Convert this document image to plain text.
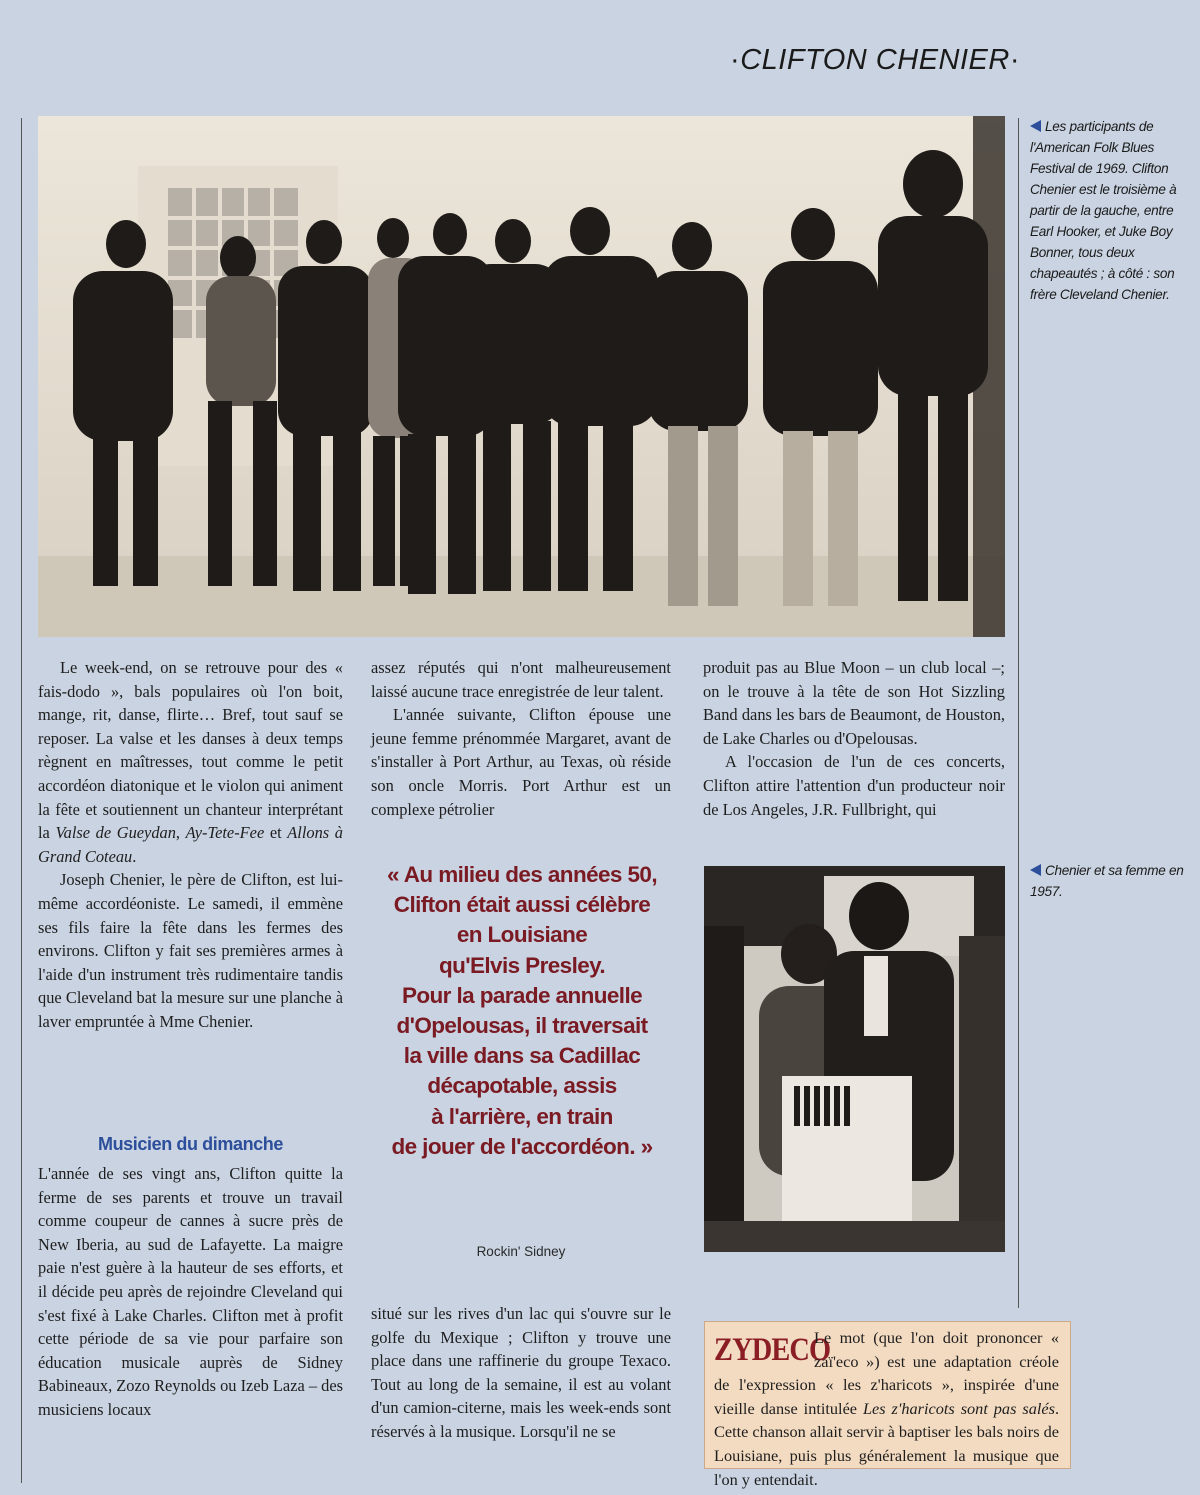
·CLIFTON CHENIER·
Les participants de l'American Folk Blues Festival de 1969. Clifton Chenier est le troisième à partir de la gauche, entre Earl Hooker, et Juke Boy Bonner, tous deux chapeautés ; à côté : son frère Cleveland Chenier.

Le week-end, on se retrouve pour des « fais-dodo », bals populaires où l'on boit, mange, rit, danse, flirte… Bref, tout sauf se reposer. La valse et les danses à deux temps règnent en maîtresses, tout comme le petit accordéon diatonique et le violon qui animent la fête et soutiennent un chanteur interprétant la Valse de Gueydan, Ay-Tete-Fee et Allons à Grand Coteau.

Joseph Chenier, le père de Clifton, est lui-même accordéoniste. Le samedi, il emmène ses fils faire la fête dans les fermes des environs. Clifton y fait ses premières armes à l'aide d'un instrument très rudimentaire tandis que Cleveland bat la mesure sur une planche à laver empruntée à Mme Chenier.

Musicien du dimanche

L'année de ses vingt ans, Clifton quitte la ferme de ses parents et trouve un travail comme coupeur de cannes à sucre près de New Iberia, au sud de Lafayette. La maigre paie n'est guère à la hauteur de ses efforts, et il décide peu après de rejoindre Cleveland qui s'est fixé à Lake Charles. Clifton met à profit cette période de sa vie pour parfaire son éducation musicale auprès de Sidney Babineaux, Zozo Reynolds ou Izeb Laza – des musiciens locaux

assez réputés qui n'ont malheureusement laissé aucune trace enregistrée de leur talent.

L'année suivante, Clifton épouse une jeune femme prénommée Margaret, avant de s'installer à Port Arthur, au Texas, où réside son oncle Morris. Port Arthur est un complexe pétrolier

« Au milieu des années 50,

Clifton était aussi célèbre

en Louisiane

qu'Elvis Presley.

Pour la parade annuelle

d'Opelousas, il traversait

la ville dans sa Cadillac

décapotable, assis

à l'arrière, en train

de jouer de l'accordéon. »

Rockin' Sidney

situé sur les rives d'un lac qui s'ouvre sur le golfe du Mexique ; Clifton y trouve une place dans une raffinerie du groupe Texaco. Tout au long de la semaine, il est au volant d'un camion-citerne, mais les week-ends sont réservés à la musique. Lorsqu'il ne se

produit pas au Blue Moon – un club local –; on le trouve à la tête de son Hot Sizzling Band dans les bars de Beaumont, de Houston, de Lake Charles ou d'Opelousas.

A l'occasion de l'un de ces concerts, Clifton attire l'attention d'un producteur noir de Los Angeles, J.R. Fullbright, qui

Chenier et sa femme en 1957.
ZYDECO

Le mot (que l'on doit prononcer « zaï'eco ») est une adaptation créole de l'expression « les z'haricots », inspirée d'une vieille danse intitulée Les z'haricots sont pas salés. Cette chanson allait servir à baptiser les bals noirs de Louisiane, puis plus généralement la musique que l'on y entendait.
